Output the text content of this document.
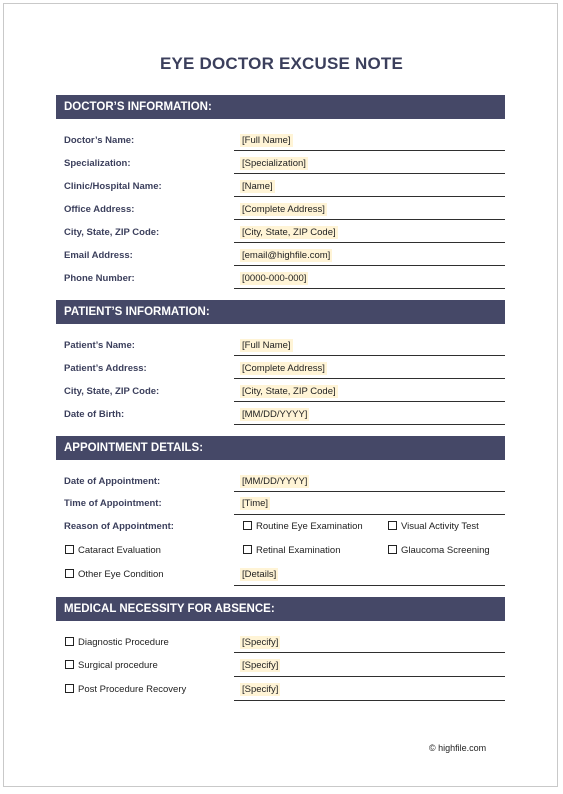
EYE DOCTOR EXCUSE NOTE
DOCTOR’S INFORMATION:
Doctor’s Name:	[Full Name]
Specialization:	[Specialization]
Clinic/Hospital Name:	[Name]
Office Address:	[Complete Address]
City, State, ZIP Code:	[City, State, ZIP Code]
Email Address:	[email@highfile.com]
Phone Number:	[0000-000-000]
PATIENT’S INFORMATION:
Patient’s Name:	[Full Name]
Patient’s Address:	[Complete Address]
City, State, ZIP Code:	[City, State, ZIP Code]
Date of Birth:	[MM/DD/YYYY]
APPOINTMENT DETAILS:
Date of Appointment:	[MM/DD/YYYY]
Time of Appointment:	[Time]
Reason of Appointment:	Routine Eye Examination	Visual Activity Test
Cataract Evaluation	Retinal Examination	Glaucoma Screening
Other Eye Condition	[Details]
MEDICAL NECESSITY FOR ABSENCE:
Diagnostic Procedure	[Specify]
Surgical procedure	[Specify]
Post Procedure Recovery	[Specify]
© highfile.com
